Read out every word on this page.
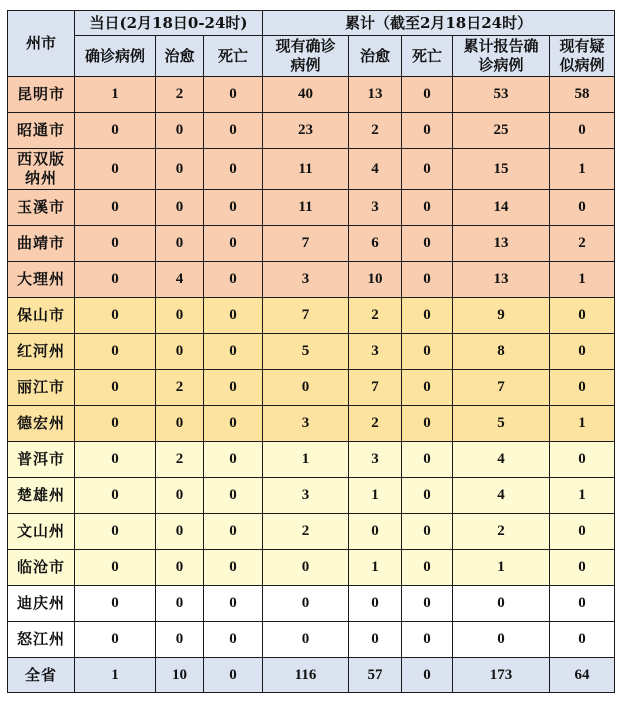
州市	当日(2月18日0-24时)			累计（截至2月18日24时）				
	确诊病例	治愈	死亡	现有确诊病例	治愈	死亡	累计报告确诊病例	现有疑似病例
昆明市	1	2	0	40	13	0	53	58
昭通市	0	0	0	23	2	0	25	0
西双版纳州	0	0	0	11	4	0	15	1
玉溪市	0	0	0	11	3	0	14	0
曲靖市	0	0	0	7	6	0	13	2
大理州	0	4	0	3	10	0	13	1
保山市	0	0	0	7	2	0	9	0
红河州	0	0	0	5	3	0	8	0
丽江市	0	2	0	0	7	0	7	0
德宏州	0	0	0	3	2	0	5	1
普洱市	0	2	0	1	3	0	4	0
楚雄州	0	0	0	3	1	0	4	1
文山州	0	0	0	2	0	0	2	0
临沧市	0	0	0	0	1	0	1	0
迪庆州	0	0	0	0	0	0	0	0
怒江州	0	0	0	0	0	0	0	0
全省	1	10	0	116	57	0	173	64
